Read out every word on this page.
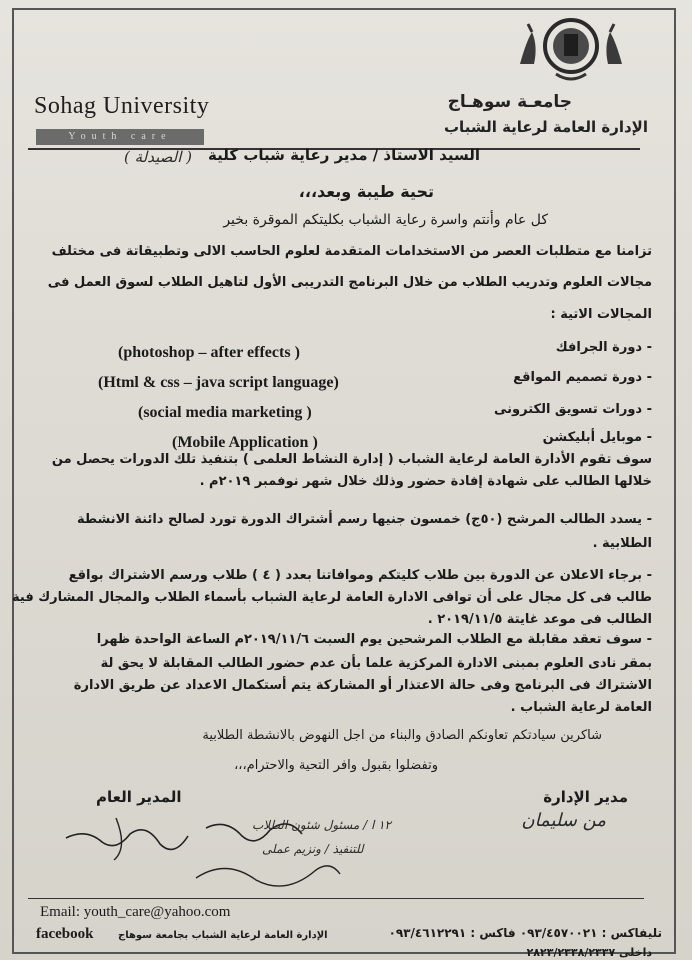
Sohag University
Youth care
جامعـة سوهـاج
الإدارة العامة لرعاية الشباب
السيد الاستاذ / مدير رعاية شباب كلية
( الصيدلة )
تحية طيبة وبعد،،،
كل عام وأنتم واسرة رعاية الشباب بكليتكم الموقرة بخير
تزامنا مع متطلبات العصر من الاستخدامات المتقدمة لعلوم الحاسب الالى وتطبيقاتة فى مختلف
مجالات العلوم وتدريب الطلاب من خلال البرنامج التدريبى الأول لتاهيل الطلاب لسوق العمل فى
المجالات الاتية :
- دورة الجرافك
(photoshop – after effects )
- دورة تصميم المواقع
(Html & css – java script language)
- دورات تسويق الكترونى
(social media marketing )
- موبايل أبليكشن
(Mobile Application )
سوف تقوم الأدارة العامة لرعاية الشباب ( إدارة النشاط العلمى ) بتنفيذ تلك الدورات يحصل من
خلالها الطالب على شهادة إفادة حضور وذلك خلال شهر نوفمبر ٢٠١٩م .
- يسدد الطالب المرشح (٥٠ج) خمسون جنيها رسم أشتراك الدورة تورد لصالح دائنة الانشطة
الطلابية .
- برجاء الاعلان عن الدورة بين طلاب كليتكم وموافاتنا بعدد ( ٤ ) طلاب ورسم الاشتراك بواقع
طالب فى كل مجال على أن توافى الادارة العامة لرعاية الشباب بأسماء الطلاب والمجال المشارك فية
الطالب فى موعد غايتة ٢٠١٩/١١/٥ .
- سوف تعقد مقابلة مع الطلاب المرشحين يوم السبت ٢٠١٩/١١/٦م الساعة الواحدة ظهرا
بمقر نادى العلوم بمبنى الادارة المركزية علما بأن عدم حضور الطالب المقابلة لا يحق لة
الاشتراك فى البرنامج وفى حالة الاعتذار أو المشاركة يتم أستكمال الاعداد عن طريق الادارة
العامة لرعاية الشباب .
شاكرين سيادتكم تعاونكم الصادق والبناء من اجل النهوض بالانشطة الطلابية
وتفضلوا بقبول وافر التحية والاحترام،،،
مدير الإدارة
من سليمان
المدير العام
١٢ ا / مسئول شئون الطلاب
للتنفيذ / ونزيم عملى
Email: youth_care@yahoo.com
facebook الإدارة العامة لرعاية الشباب بجامعة سوهاج	تليفاكس : ٠٩٣/٤٥٧٠٠٢١ فاكس : ٠٩٣/٤٦١٢٢٩١
داخلى ٢٨٢٣/٢٣٣٨/٢٣٣٧
